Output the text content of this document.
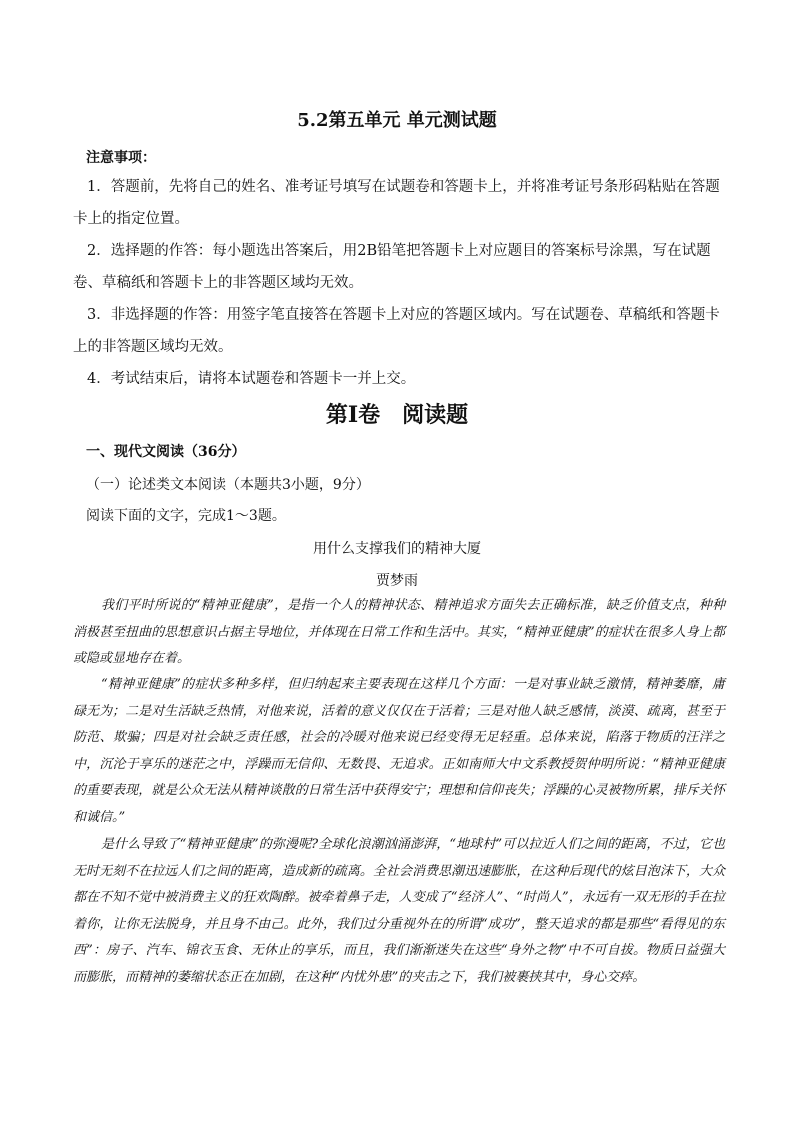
5.2第五单元 单元测试题
注意事项：

1．答题前，先将自己的姓名、准考证号填写在试题卷和答题卡上，并将准考证号条形码粘贴在答题卡上的指定位置。

2．选择题的作答：每小题选出答案后，用2B铅笔把答题卡上对应题目的答案标号涂黑，写在试题卷、草稿纸和答题卡上的非答题区域均无效。

3．非选择题的作答：用签字笔直接答在答题卡上对应的答题区域内。写在试题卷、草稿纸和答题卡上的非答题区域均无效。

4．考试结束后，请将本试题卷和答题卡一并上交。

第Ⅰ卷　阅读题

一、现代文阅读（36分）

（一）论述类文本阅读（本题共3小题，9分）

阅读下面的文字，完成1～3题。

用什么支撑我们的精神大厦

贾梦雨

我们平时所说的“精神亚健康”，是指一个人的精神状态、精神追求方面失去正确标准，缺乏价值支点，种种消极甚至扭曲的思想意识占据主导地位，并体现在日常工作和生活中。其实，“精神亚健康”的症状在很多人身上都或隐或显地存在着。

“精神亚健康”的症状多种多样，但归纳起来主要表现在这样几个方面：一是对事业缺乏激情，精神萎靡，庸碌无为；二是对生活缺乏热情，对他来说，活着的意义仅仅在于活着；三是对他人缺乏感情，淡漠、疏离，甚至于防范、欺骗；四是对社会缺乏责任感，社会的冷暖对他来说已经变得无足轻重。总体来说，陷落于物质的汪洋之中，沉沦于享乐的迷茫之中，浮躁而无信仰、无数畏、无追求。正如南师大中文系教授贺仲明所说：“精神亚健康的重要表现，就是公众无法从精神谈散的日常生活中获得安宁；理想和信仰丧失；浮躁的心灵被物所累，排斥关怀和诚信。”

是什么导致了“精神亚健康”的弥漫呢?全球化浪潮汹涌澎湃，“地球村”可以拉近人们之间的距离，不过，它也无时无刻不在拉远人们之间的距离，造成新的疏离。全社会消费思潮迅速膨胀，在这种后现代的炫目泡沫下，大众都在不知不觉中被消费主义的狂欢陶醉。被牵着鼻子走，人变成了“经济人”、“时尚人”，永远有一双无形的手在拉着你，让你无法脱身，并且身不由己。此外，我们过分重视外在的所谓“成功”，整天追求的都是那些“看得见的东西”：房子、汽车、锦衣玉食、无休止的享乐，而且，我们渐渐迷失在这些“身外之物”中不可自拔。物质日益强大而膨胀，而精神的萎缩状态正在加剧，在这种“内忧外患”的夹击之下，我们被裹挟其中，身心交瘁。
